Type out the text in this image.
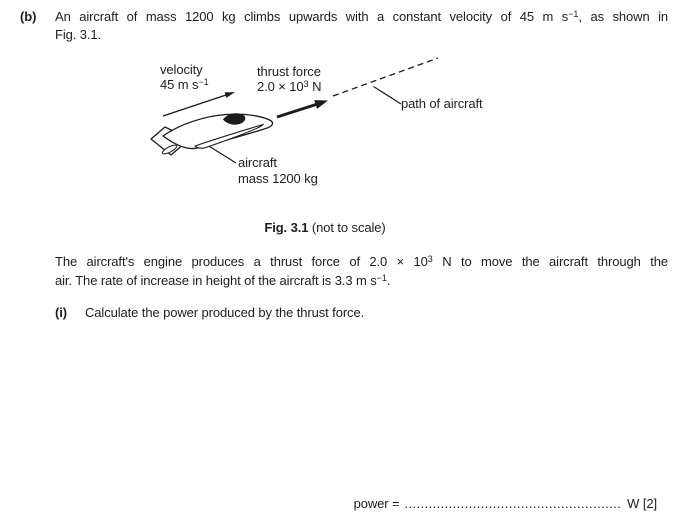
(b) An aircraft of mass 1200 kg climbs upwards with a constant velocity of 45 m $s^{-1}$, as shown in
Fig. 3.1.
velocity
45 m $s^{-1}$
thrust force
$2.0 \times 10^3$ N
path of aircraft
aircraft
mass 1200 kg
Fig. 3.1 (not to scale)
The aircraft's engine produces a thrust force of $2.0 \times 10^3$ N to move the aircraft through the
air. The rate of increase in height of the aircraft is 3.3 m $s^{-1}$.
(i) Calculate the power produced by the thrust force.
power = ...................................................... W [2]
